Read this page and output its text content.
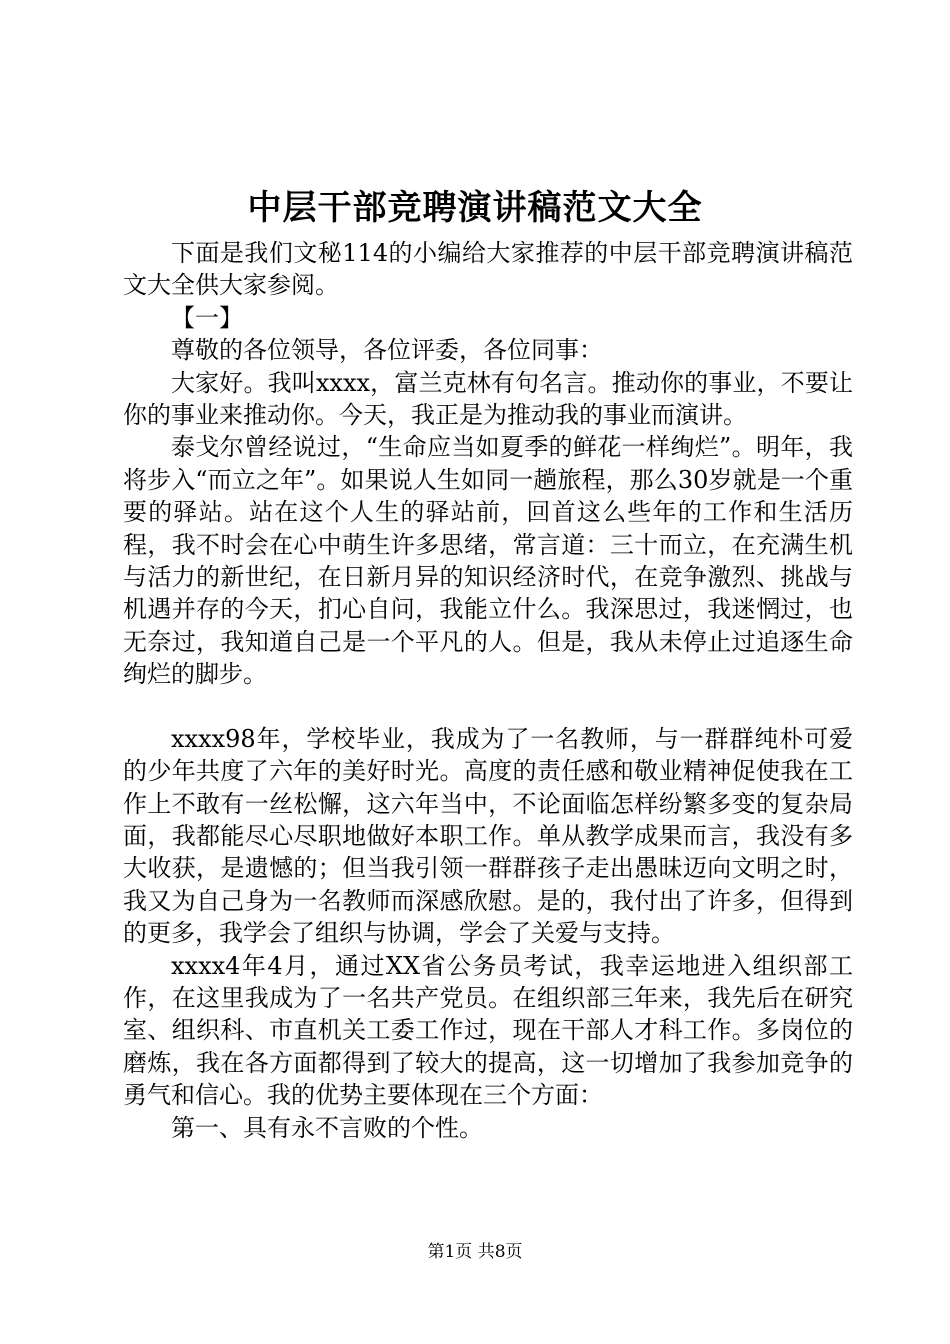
中层干部竞聘演讲稿范文大全

下面是我们文秘114的小编给大家推荐的中层干部竞聘演讲稿范文大全供大家参阅。

【一】

尊敬的各位领导，各位评委，各位同事：

大家好。我叫xxxx，富兰克林有句名言。推动你的事业，不要让你的事业来推动你。今天，我正是为推动我的事业而演讲。

泰戈尔曾经说过，“生命应当如夏季的鲜花一样绚烂”。明年，我将步入“而立之年”。如果说人生如同一趟旅程，那么30岁就是一个重要的驿站。站在这个人生的驿站前，回首这么些年的工作和生活历程，我不时会在心中萌生许多思绪，常言道：三十而立，在充满生机与活力的新世纪，在日新月异的知识经济时代，在竞争激烈、挑战与机遇并存的今天，扪心自问，我能立什么。我深思过，我迷惘过，也无奈过，我知道自己是一个平凡的人。但是，我从未停止过追逐生命绚烂的脚步。

xxxx98年，学校毕业，我成为了一名教师，与一群群纯朴可爱的少年共度了六年的美好时光。高度的责任感和敬业精神促使我在工作上不敢有一丝松懈，这六年当中，不论面临怎样纷繁多变的复杂局面，我都能尽心尽职地做好本职工作。单从教学成果而言，我没有多大收获，是遗憾的；但当我引领一群群孩子走出愚昧迈向文明之时，我又为自己身为一名教师而深感欣慰。是的，我付出了许多，但得到的更多，我学会了组织与协调，学会了关爱与支持。

xxxx4年4月，通过XX省公务员考试，我幸运地进入组织部工作，在这里我成为了一名共产党员。在组织部三年来，我先后在研究室、组织科、市直机关工委工作过，现在干部人才科工作。多岗位的磨炼，我在各方面都得到了较大的提高，这一切增加了我参加竞争的勇气和信心。我的优势主要体现在三个方面：

第一、具有永不言败的个性。

第1页 共8页
